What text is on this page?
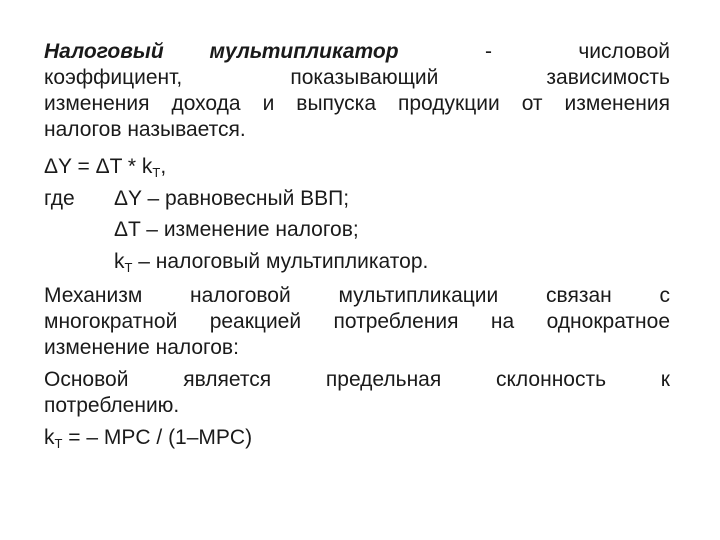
Налоговый мультипликатор	-	числовой
коэффициент, показывающий зависимость
изменения дохода и выпуска продукции от изменения
налогов называется.
$\Delta Y = \Delta T * k_T$,
где ΔY – равновесный ВВП;
ΔT – изменение налогов;
$k_T$ – налоговый мультипликатор.
Механизм налоговой мультипликации связан с
многократной реакцией потребления на однократное
изменение налогов:
Основой является предельная склонность к
потреблению.
$k_T$ = – MPC / (1–MPC)
